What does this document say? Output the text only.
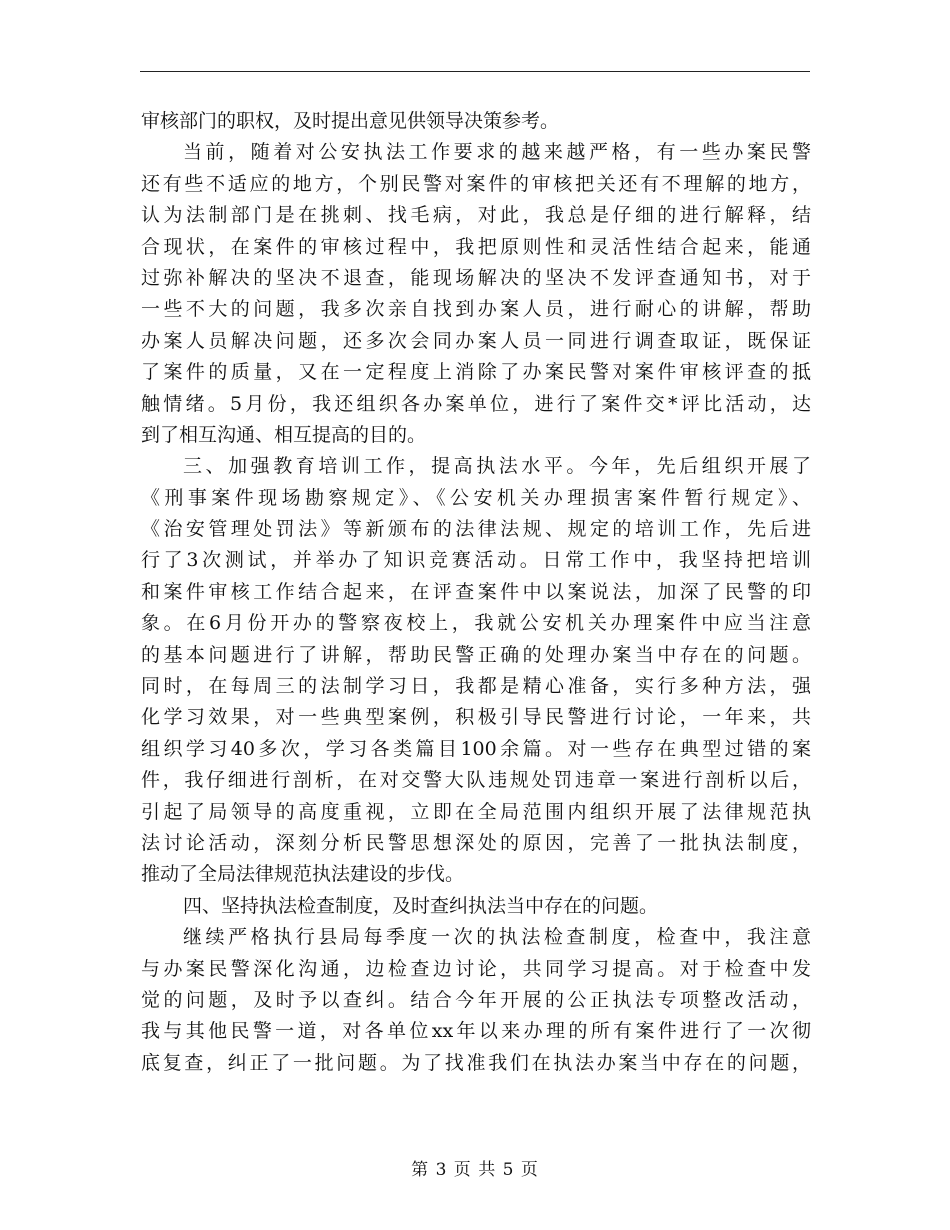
审核部门的职权，及时提出意见供领导决策参考。
当前，随着对公安执法工作要求的越来越严格，有一些办案民警
还有些不适应的地方，个别民警对案件的审核把关还有不理解的地方，
认为法制部门是在挑刺、找毛病，对此，我总是仔细的进行解释，结
合现状，在案件的审核过程中，我把原则性和灵活性结合起来，能通
过弥补解决的坚决不退查，能现场解决的坚决不发评查通知书，对于
一些不大的问题，我多次亲自找到办案人员，进行耐心的讲解，帮助
办案人员解决问题，还多次会同办案人员一同进行调查取证，既保证
了案件的质量，又在一定程度上消除了办案民警对案件审核评查的抵
触情绪。5月份，我还组织各办案单位，进行了案件交*评比活动，达
到了相互沟通、相互提高的目的。
三、加强教育培训工作，提高执法水平。今年，先后组织开展了
《刑事案件现场勘察规定》、《公安机关办理损害案件暂行规定》、
《治安管理处罚法》等新颁布的法律法规、规定的培训工作，先后进
行了3次测试，并举办了知识竞赛活动。日常工作中，我坚持把培训
和案件审核工作结合起来，在评查案件中以案说法，加深了民警的印
象。在6月份开办的警察夜校上，我就公安机关办理案件中应当注意
的基本问题进行了讲解，帮助民警正确的处理办案当中存在的问题。
同时，在每周三的法制学习日，我都是精心准备，实行多种方法，强
化学习效果，对一些典型案例，积极引导民警进行讨论，一年来，共
组织学习40多次，学习各类篇目100余篇。对一些存在典型过错的案
件，我仔细进行剖析，在对交警大队违规处罚违章一案进行剖析以后，
引起了局领导的高度重视，立即在全局范围内组织开展了法律规范执
法讨论活动，深刻分析民警思想深处的原因，完善了一批执法制度，
推动了全局法律规范执法建设的步伐。
四、坚持执法检查制度，及时查纠执法当中存在的问题。
继续严格执行县局每季度一次的执法检查制度，检查中，我注意
与办案民警深化沟通，边检查边讨论，共同学习提高。对于检查中发
觉的问题，及时予以查纠。结合今年开展的公正执法专项整改活动，
我与其他民警一道，对各单位xx年以来办理的所有案件进行了一次彻
底复查，纠正了一批问题。为了找准我们在执法办案当中存在的问题，
第 3 页 共 5 页
